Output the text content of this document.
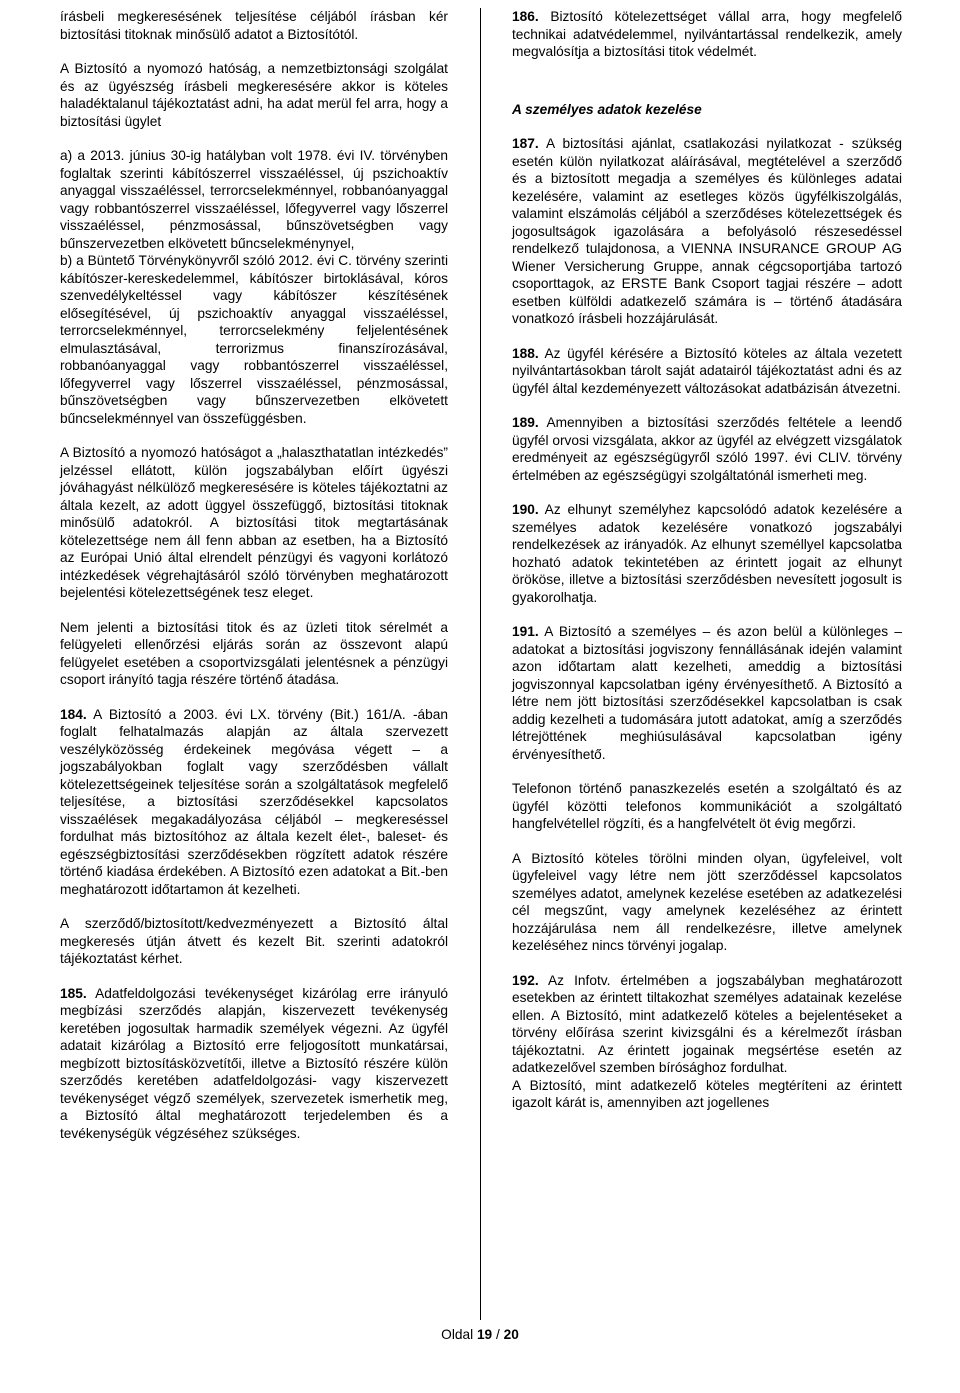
írásbeli megkeresésének teljesítése céljából írásban kér biztosítási titoknak minősülő adatot a Biztosítótól.

A Biztosító a nyomozó hatóság, a nemzetbiztonsági szolgálat és az ügyészség írásbeli megkeresésére akkor is köteles haladéktalanul tájékoztatást adni, ha adat merül fel arra, hogy a biztosítási ügylet

a) a 2013. június 30-ig hatályban volt 1978. évi IV. törvényben foglaltak szerinti kábítószerrel visszaéléssel, új pszichoaktív anyaggal visszaéléssel, terrorcselekménnyel, robbanóanyaggal vagy robbantószerrel visszaéléssel, lőfegyverrel vagy lőszerrel visszaéléssel, pénzmosással, bűnszövetségben vagy bűnszervezetben elkövetett bűncselekménynyel,

b) a Büntető Törvénykönyvről szóló 2012. évi C. törvény szerinti kábítószer-kereskedelemmel, kábítószer birtoklásával, kóros szenvedélykeltéssel vagy kábítószer készítésének elősegítésével, új pszichoaktív anyaggal visszaéléssel, terrorcselekménnyel, terrorcselekmény feljelentésének elmulasztásával, terrorizmus finanszírozásával, robbanóanyaggal vagy robbantószerrel visszaéléssel, lőfegyverrel vagy lőszerrel visszaéléssel, pénzmosással, bűnszövetségben vagy bűnszervezetben elkövetett bűncselekménnyel van összefüggésben.

A Biztosító a nyomozó hatóságot a „halaszthatatlan intézkedés” jelzéssel ellátott, külön jogszabályban előírt ügyészi jóváhagyást nélkülöző megkeresésére is köteles tájékoztatni az általa kezelt, az adott üggyel összefüggő, biztosítási titoknak minősülő adatokról. A biztosítási titok megtartásának kötelezettsége nem áll fenn abban az esetben, ha a Biztosító az Európai Unió által elrendelt pénzügyi és vagyoni korlátozó intézkedések végrehajtásáról szóló törvényben meghatározott bejelentési kötelezettségének tesz eleget.

Nem jelenti a biztosítási titok és az üzleti titok sérelmét a felügyeleti ellenőrzési eljárás során az összevont alapú felügyelet esetében a csoportvizsgálati jelentésnek a pénzügyi csoport irányító tagja részére történő átadása.

184. A Biztosító a 2003. évi LX. törvény (Bit.) 161/A. -ában foglalt felhatalmazás alapján az általa szervezett veszélyközösség érdekeinek megóvása végett – a jogszabályokban foglalt vagy szerződésben vállalt kötelezettségeinek teljesítése során a szolgáltatások megfelelő teljesítése, a biztosítási szerződésekkel kapcsolatos visszaélések megakadályozása céljából – megkereséssel fordulhat más biztosítóhoz az általa kezelt élet-, baleset- és egészségbiztosítási szerződésekben rögzített adatok részére történő kiadása érdekében. A Biztosító ezen adatokat a Bit.-ben meghatározott időtartamon át kezelheti.

A szerződő/biztosított/kedvezményezett a Biztosító által megkeresés útján átvett és kezelt Bit. szerinti adatokról tájékoztatást kérhet.

185. Adatfeldolgozási tevékenységet kizárólag erre irányuló megbízási szerződés alapján, kiszervezett tevékenység keretében jogosultak harmadik személyek végezni. Az ügyfél adatait kizárólag a Biztosító erre feljogosított munkatársai, megbízott biztosításközvetítői, illetve a Biztosító részére külön szerződés keretében adatfeldolgozási- vagy kiszervezett tevékenységet végző személyek, szervezetek ismerhetik meg, a Biztosító által meghatározott terjedelemben és a tevékenységük végzéséhez szükséges.

186. Biztosító kötelezettséget vállal arra, hogy megfelelő technikai adatvédelemmel, nyilvántartással rendelkezik, amely megvalósítja a biztosítási titok védelmét.

A személyes adatok kezelése

187. A biztosítási ajánlat, csatlakozási nyilatkozat - szükség esetén külön nyilatkozat aláírásával, megtételével a szerződő és a biztosított megadja a személyes és különleges adatai kezelésére, valamint az esetleges közös ügyfélkiszolgálás, valamint elszámolás céljából a szerződéses kötelezettségek és jogosultságok igazolására a befolyásoló részesedéssel rendelkező tulajdonosa, a VIENNA INSURANCE GROUP AG Wiener Versicherung Gruppe, annak cégcsoportjába tartozó csoporttagok, az ERSTE Bank Csoport tagjai részére – adott esetben külföldi adatkezelő számára is – történő átadására vonatkozó írásbeli hozzájárulását.

188. Az ügyfél kérésére a Biztosító köteles az általa vezetett nyilvántartásokban tárolt saját adatairól tájékoztatást adni és az ügyfél által kezdeményezett változásokat adatbázisán átvezetni.

189. Amennyiben a biztosítási szerződés feltétele a leendő ügyfél orvosi vizsgálata, akkor az ügyfél az elvégzett vizsgálatok eredményeit az egészségügyről szóló 1997. évi CLIV. törvény értelmében az egészségügyi szolgáltatónál ismerheti meg.

190. Az elhunyt személyhez kapcsolódó adatok kezelésére a személyes adatok kezelésére vonatkozó jogszabályi rendelkezések az irányadók. Az elhunyt személlyel kapcsolatba hozható adatok tekintetében az érintett jogait az elhunyt örököse, illetve a biztosítási szerződésben nevesített jogosult is gyakorolhatja.

191. A Biztosító a személyes – és azon belül a különleges – adatokat a biztosítási jogviszony fennállásának idején valamint azon időtartam alatt kezelheti, ameddig a biztosítási jogviszonnyal kapcsolatban igény érvényesíthető. A Biztosító a létre nem jött biztosítási szerződésekkel kapcsolatban is csak addig kezelheti a tudomására jutott adatokat, amíg a szerződés létrejöttének meghiúsulásával kapcsolatban igény érvényesíthető.

Telefonon történő panaszkezelés esetén a szolgáltató és az ügyfél közötti telefonos kommunikációt a szolgáltató hangfelvétellel rögzíti, és a hangfelvételt öt évig megőrzi.

A Biztosító köteles törölni minden olyan, ügyfeleivel, volt ügyfeleivel vagy létre nem jött szerződéssel kapcsolatos személyes adatot, amelynek kezelése esetében az adatkezelési cél megszűnt, vagy amelynek kezeléséhez az érintett hozzájárulása nem áll rendelkezésre, illetve amelynek kezeléséhez nincs törvényi jogalap.

192. Az Infotv. értelmében a jogszabályban meghatározott esetekben az érintett tiltakozhat személyes adatainak kezelése ellen. A Biztosító, mint adatkezelő köteles a bejelentéseket a törvény előírása szerint kivizsgálni és a kérelmezőt írásban tájékoztatni. Az érintett jogainak megsértése esetén az adatkezelővel szemben bírósághoz fordulhat.

A Biztosító, mint adatkezelő köteles megtéríteni az érintett igazolt kárát is, amennyiben azt jogellenes

Oldal 19 / 20
